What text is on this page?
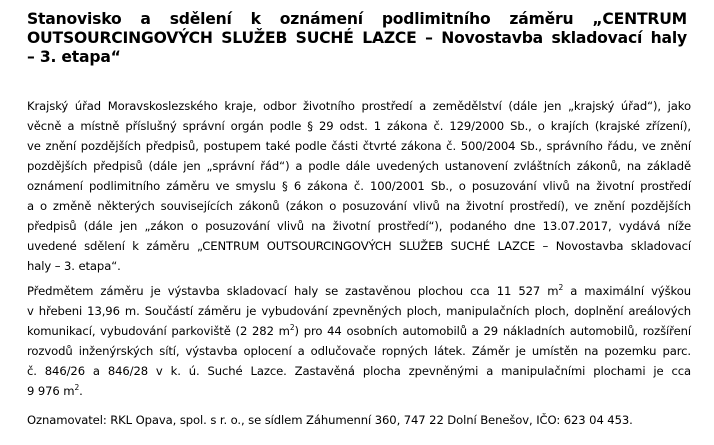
Stanovisko a sdělení k oznámení podlimitního záměru „CENTRUM
OUTSOURCINGOVÝCH SLUŽEB SUCHÉ LAZCE – Novostavba skladovací haly
– 3. etapa“

Krajský úřad Moravskoslezského kraje, odbor životního prostředí a zemědělství (dále jen „krajský úřad“), jako
věcně a místně příslušný správní orgán podle § 29 odst. 1 zákona č. 129/2000 Sb., o krajích (krajské zřízení),
ve znění pozdějších předpisů, postupem také podle části čtvrté zákona č. 500/2004 Sb., správního řádu, ve znění
pozdějších předpisů (dále jen „správní řád“) a podle dále uvedených ustanovení zvláštních zákonů, na základě
oznámení podlimitního záměru ve smyslu § 6 zákona č. 100/2001 Sb., o posuzování vlivů na životní prostředí
a o změně některých souvisejících zákonů (zákon o posuzování vlivů na životní prostředí), ve znění pozdějších
předpisů (dále jen „zákon o posuzování vlivů na životní prostředí“), podaného dne 13.07.2017, vydává níže
uvedené sdělení k záměru „CENTRUM OUTSOURCINGOVÝCH SLUŽEB SUCHÉ LAZCE – Novostavba skladovací
haly – 3. etapa“.

Předmětem záměru je výstavba skladovací haly se zastavěnou plochou cca 11 527 $m^2$ a maximální výškou
v hřebeni 13,96 m. Součástí záměru je vybudování zpevněných ploch, manipulačních ploch, doplnění areálových
komunikací, vybudování parkoviště (2 282 $m^2$) pro 44 osobních automobilů a 29 nákladních automobilů, rozšíření
rozvodů inženýrských sítí, výstavba oplocení a odlučovače ropných látek. Záměr je umístěn na pozemku parc.
č. 846/26 a 846/28 v k. ú. Suché Lazce. Zastavěná plocha zpevněnými a manipulačními plochami je cca
9 976 $m^2$.

Oznamovatel: RKL Opava, spol. s r. o., se sídlem Záhumenní 360, 747 22 Dolní Benešov, IČO: 623 04 453.
